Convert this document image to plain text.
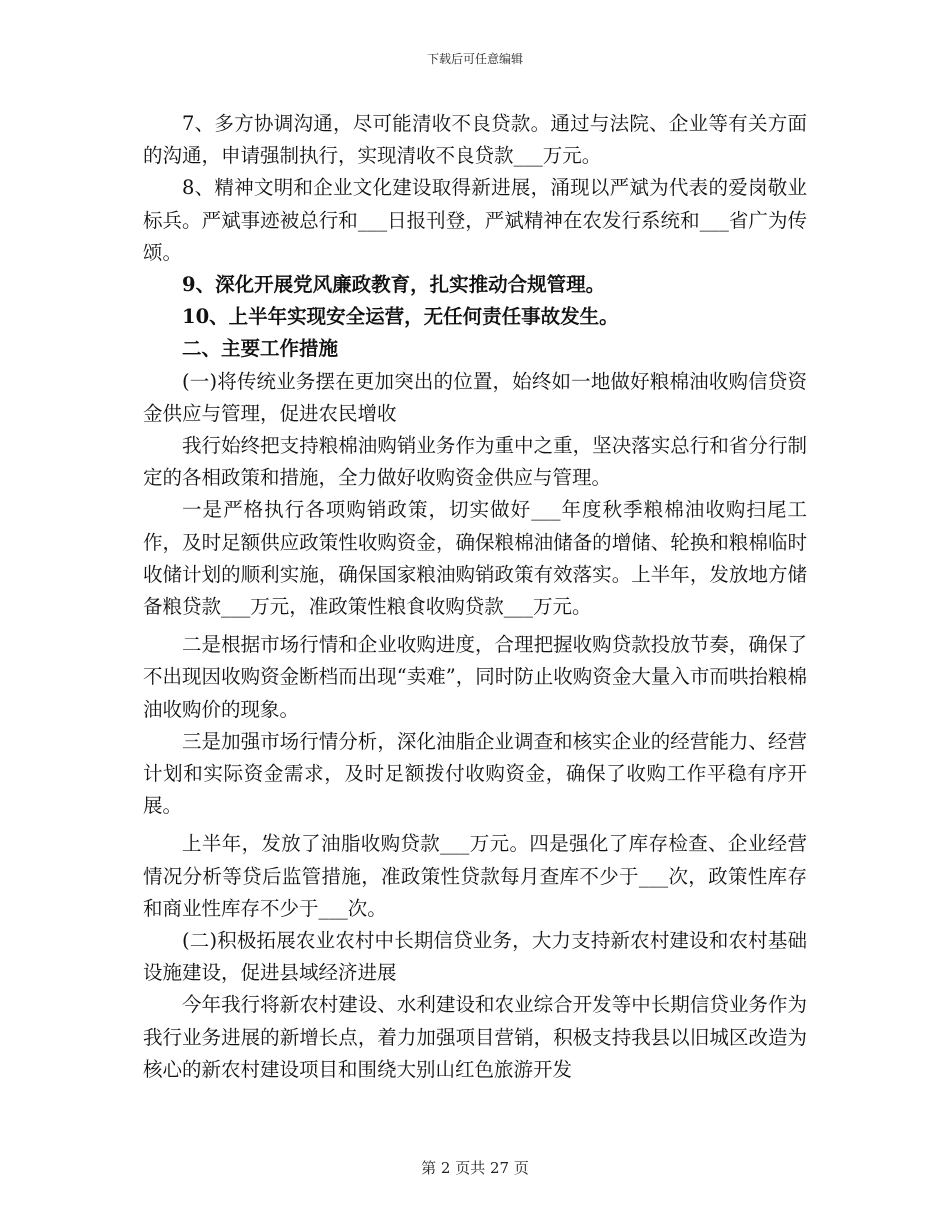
下载后可任意编辑

7、多方协调沟通，尽可能清收不良贷款。通过与法院、企业等有关方面的沟通，申请强制执行，实现清收不良贷款___万元。

8、精神文明和企业文化建设取得新进展，涌现以严斌为代表的爱岗敬业标兵。严斌事迹被总行和___日报刊登，严斌精神在农发行系统和___省广为传颂。

9、深化开展党风廉政教育，扎实推动合规管理。

10、上半年实现安全运营，无任何责任事故发生。

二、主要工作措施

(一)将传统业务摆在更加突出的位置，始终如一地做好粮棉油收购信贷资金供应与管理，促进农民增收

我行始终把支持粮棉油购销业务作为重中之重，坚决落实总行和省分行制定的各相政策和措施，全力做好收购资金供应与管理。

一是严格执行各项购销政策，切实做好___年度秋季粮棉油收购扫尾工作，及时足额供应政策性收购资金，确保粮棉油储备的增储、轮换和粮棉临时收储计划的顺利实施，确保国家粮油购销政策有效落实。上半年，发放地方储备粮贷款___万元，准政策性粮食收购贷款___万元。

二是根据市场行情和企业收购进度，合理把握收购贷款投放节奏，确保了不出现因收购资金断档而出现“卖难”，同时防止收购资金大量入市而哄抬粮棉油收购价的现象。

三是加强市场行情分析，深化油脂企业调查和核实企业的经营能力、经营计划和实际资金需求，及时足额拨付收购资金，确保了收购工作平稳有序开展。

上半年，发放了油脂收购贷款___万元。四是强化了库存检查、企业经营情况分析等贷后监管措施，准政策性贷款每月查库不少于___次，政策性库存和商业性库存不少于___次。

(二)积极拓展农业农村中长期信贷业务，大力支持新农村建设和农村基础设施建设，促进县域经济进展

今年我行将新农村建设、水利建设和农业综合开发等中长期信贷业务作为我行业务进展的新增长点，着力加强项目营销，积极支持我县以旧城区改造为核心的新农村建设项目和围绕大别山红色旅游开发

第 2 页共 27 页
